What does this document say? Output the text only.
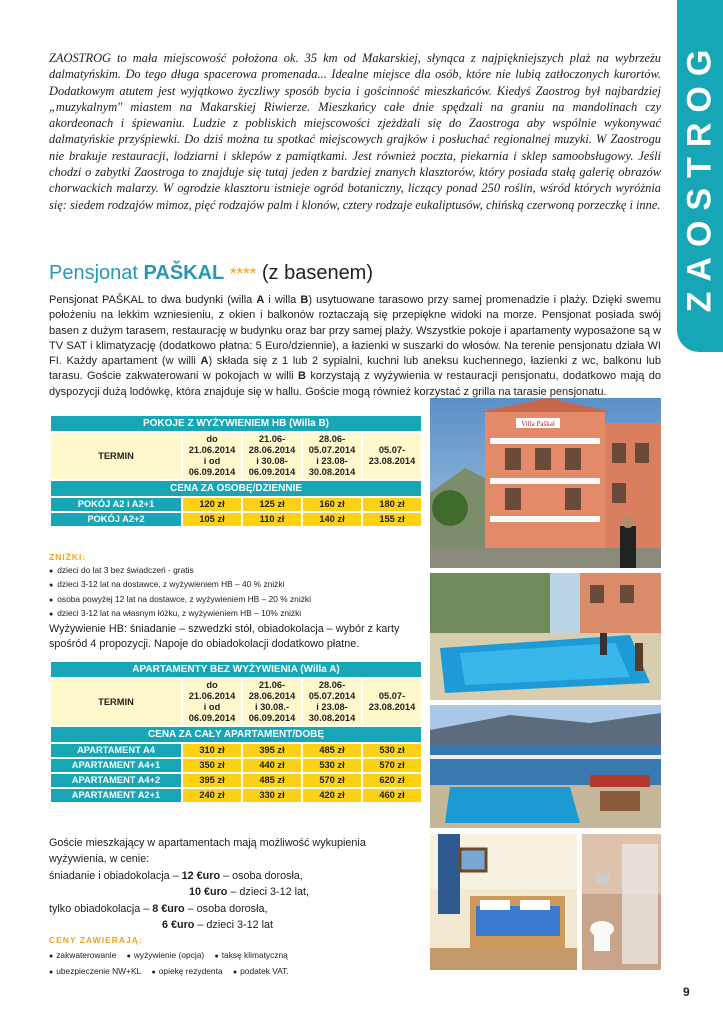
ZAOSTROG

ZAOSTROG to mała miejscowość położona ok. 35 km od Makarskiej, słynąca z najpiękniejszych plaż na wybrzeżu dalmatyńskim. Do tego długa spacerowa promenada... Idealne miejsce dla osób, które nie lubią zatłoczonych kurortów. Dodatkowym atutem jest wyjątkowo życzliwy sposób bycia i gościnność mieszkańców. Kiedyś Zaostrog był najbardziej „muzykalnym" miastem na Makarskiej Riwierze. Mieszkańcy całe dnie spędzali na graniu na mandolinach czy akordeonach i śpiewaniu. Ludzie z pobliskich miejscowości zjeżdżali się do Zaostroga aby wspólnie wykonywać dalmatyńskie przyśpiewki. Do dziś można tu spotkać miejscowych grajków i posłuchać regionalnej muzyki. W Zaostrogu nie brakuje restauracji, lodziarni i sklepów z pamiątkami. Jest również poczta, piekarnia i sklep samoobsługowy. Jeśli chodzi o zabytki Zaostroga to znajduje się tutaj jeden z bardziej znanych klasztorów, który posiada stałą galerię obrazów chorwackich malarzy. W ogrodzie klasztoru istnieje ogród botaniczny, liczący ponad 250 roślin, wśród których wyróżnia się: siedem rodzajów mimoz, pięć rodzajów palm i klonów, cztery rodzaje eukaliptusów, chińską czerwoną porzeczkę i inne.

Pensjonat PAŠKAL **** (z basenem)

Pensjonat PAŠKAL to dwa budynki (willa A i willa B) usytuowane tarasowo przy samej promenadzie i plaży. Dzięki swemu położeniu na lekkim wzniesieniu, z okien i balkonów roztaczają się przepiękne widoki na morze. Pensjonat posiada swój basen z dużym tarasem, restaurację w budynku oraz bar przy samej plaży. Wszystkie pokoje i apartamenty wyposażone są w TV SAT i klimatyzację (dodatkowo płatna: 5 Euro/dziennie), a łazienki w suszarki do włosów. Na terenie pensjonatu działa WI FI. Każdy apartament (w willi A) składa się z 1 lub 2 sypialni, kuchni lub aneksu kuchennego, łazienki z wc, balkonu lub tarasu. Goście zakwaterowani w pokojach w willi B korzystają z wyżywienia w restauracji pensjonatu, dodatkowo mają do dyspozycji dużą lodówkę, która znajduje się w hallu. Goście mogą również korzystać z grilla na tarasie pensjonatu.

POKOJE Z WYŻYWIENIEM HB (Willa B)				
TERMIN	do
21.06.2014
i od
06.09.2014	21.06-
28.06.2014
i 30.08-
06.09.2014	28.06-
05.07.2014
i 23.08-
30.08.2014	05.07-
23.08.2014
CENA ZA OSOBĘ/DZIENNIE				
POKÓJ A2 i A2+1	120 zł	125 zł	160 zł	180 zł
POKÓJ A2+2	105 zł	110 zł	140 zł	155 zł
ZNIŻKI:
● dzieci do lat 3 bez świadczeń - gratis
● dzieci 3-12 lat na dostawce, z wyżywieniem HB – 40 % zniżki
● osoba powyżej 12 lat na dostawce, z wyżywieniem HB – 20 % zniżki
● dzieci 3-12 lat na własnym łóżku, z wyżywieniem HB – 10% zniżki

Wyżywienie HB: śniadanie – szwedzki stół, obiadokolacja – wybór z karty spośród 4 propozycji. Napoje do obiadokolacji dodatkowo płatne.

APARTAMENTY BEZ WYŻYWIENIA (Willa A)				
TERMIN	do
21.06.2014
i od
06.09.2014	21.06-
28.06.2014
i 30.08.-
06.09.2014	28.06-
05.07.2014
i 23.08-
30.08.2014	05.07-
23.08.2014
CENA ZA CAŁY APARTAMENT/DOBĘ				
APARTAMENT A4	310 zł	395 zł	485 zł	530 zł
APARTAMENT A4+1	350 zł	440 zł	530 zł	570 zł
APARTAMENT A4+2	395 zł	485 zł	570 zł	620 zł
APARTAMENT A2+1	240 zł	330 zł	420 zł	460 zł

Goście mieszkający w apartamentach mają możliwość wykupienia wyżywienia, w cenie:

śniadanie i obiadokolacja – 12 €uro – osoba dorosła,

10 €uro – dzieci 3-12 lat,

tylko obiadokolacja – 8 €uro – osoba dorosła,

6 €uro – dzieci 3-12 lat

CENY ZAWIERAJĄ:
● zakwaterowanie ● wyżywienie (opcja) ● taksę klimatyczną ● ubezpieczenie NW+KL ● opiekę rezydenta ● podatek VAT.
Villa Paškal
9
